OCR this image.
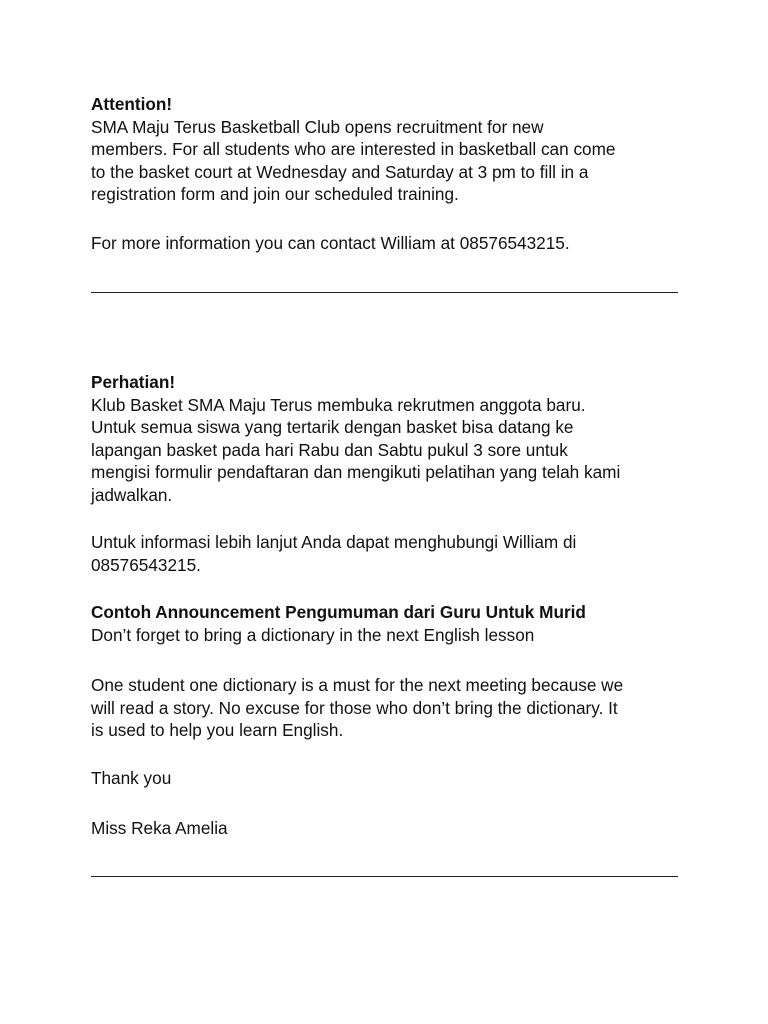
Attention!

SMA Maju Terus Basketball Club opens recruitment for new

members. For all students who are interested in basketball can come

to the basket court at Wednesday and Saturday at 3 pm to fill in a

registration form and join our scheduled training.

For more information you can contact William at 08576543215.

Perhatian!

Klub Basket SMA Maju Terus membuka rekrutmen anggota baru.

Untuk semua siswa yang tertarik dengan basket bisa datang ke

lapangan basket pada hari Rabu dan Sabtu pukul 3 sore untuk

mengisi formulir pendaftaran dan mengikuti pelatihan yang telah kami

jadwalkan.

Untuk informasi lebih lanjut Anda dapat menghubungi William di

08576543215.

Contoh Announcement Pengumuman dari Guru Untuk Murid

Don’t forget to bring a dictionary in the next English lesson

One student one dictionary is a must for the next meeting because we

will read a story. No excuse for those who don’t bring the dictionary. It

is used to help you learn English.

Thank you

Miss Reka Amelia
